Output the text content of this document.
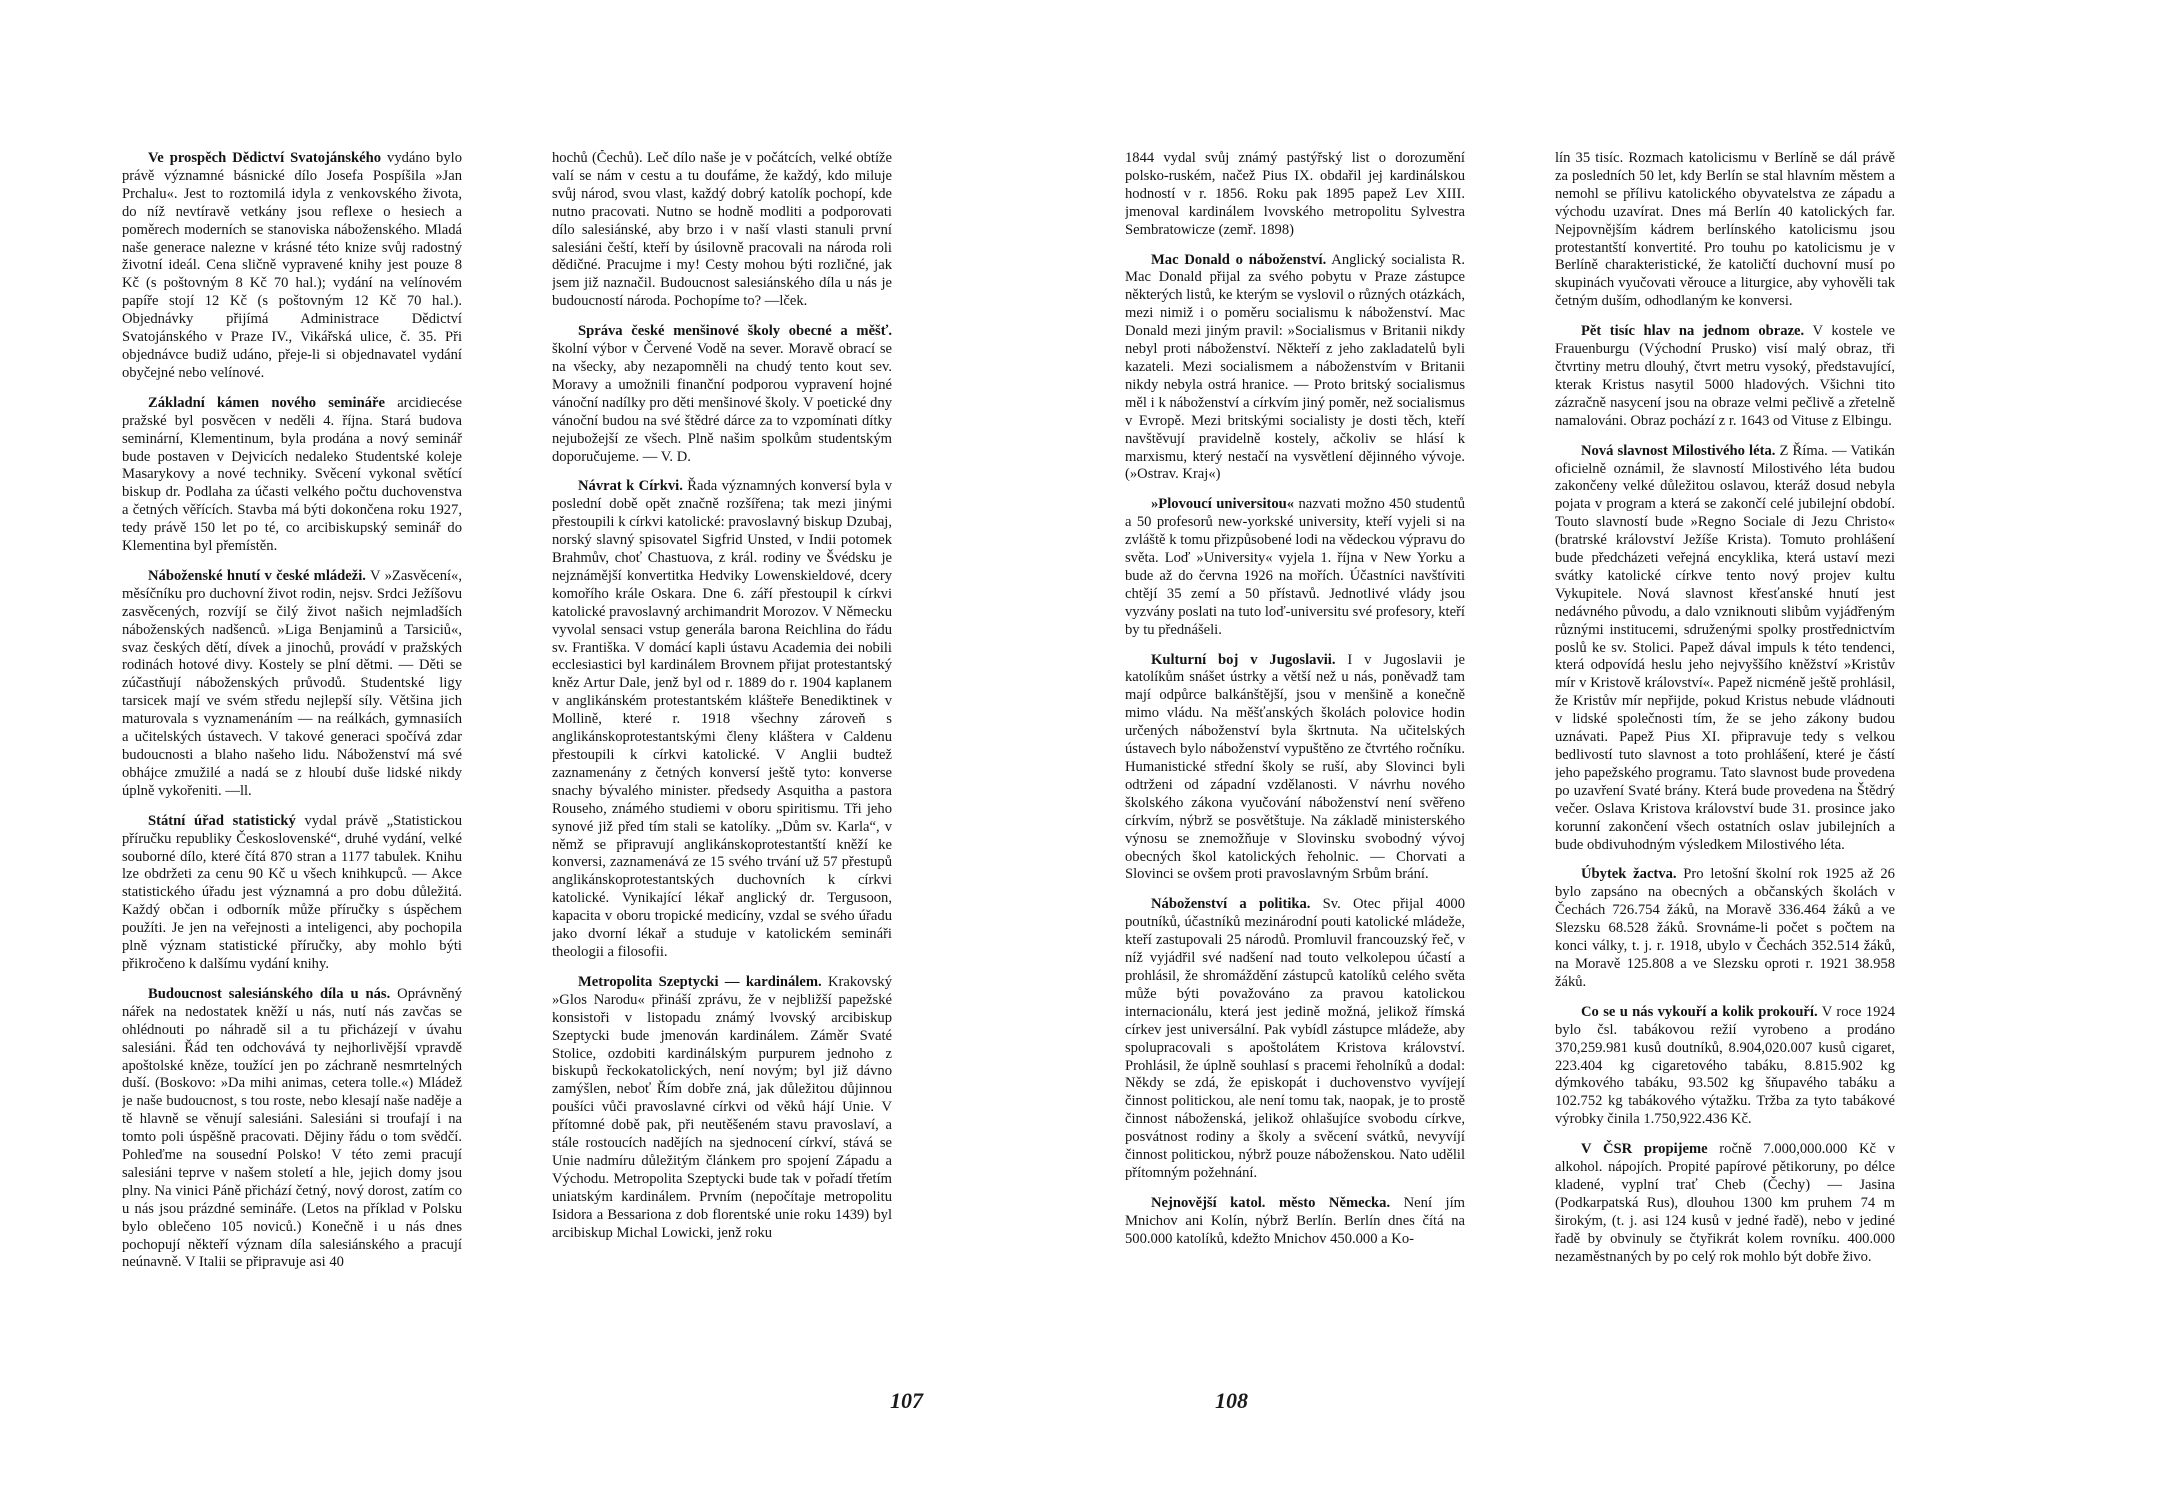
Ve prospěch Dědictví Svatojánského vydáno bylo právě významné básnické dílo Josefa Pospíšila »Jan Prchalu«. Jest to roztomilá idyla z venkovského života, do níž nevtíravě vetkány jsou reflexe o hesiech a poměrech moderních se stanoviska náboženského. Mladá naše generace nalezne v krásné této knize svůj radostný životní ideál. Cena sličně vypravené knihy jest pouze 8 Kč (s poštovným 8 Kč 70 hal.); vydání na velínovém papíře stojí 12 Kč (s poštovným 12 Kč 70 hal.). Objednávky přijímá Administrace Dědictví Svatojánského v Praze IV., Vikářská ulice, č. 35. Při objednávce budiž udáno, přeje-li si objednavatel vydání obyčejné nebo velínové.

Základní kámen nového semináře arcidiecése pražské byl posvěcen v neděli 4. října. Stará budova seminární, Klementinum, byla prodána a nový seminář bude postaven v Dejvicích nedaleko Studentské koleje Masarykovy a nové techniky. Svěcení vykonal světící biskup dr. Podlaha za účasti velkého počtu duchovenstva a četných věřících. Stavba má býti dokončena roku 1927, tedy právě 150 let po té, co arcibiskupský seminář do Klementina byl přemístěn.

Náboženské hnutí v české mládeži. V »Zasvěcení«, měsíčníku pro duchovní život rodin, nejsv. Srdci Ježíšovu zasvěcených, rozvíjí se čilý život našich nejmladších náboženských nadšenců. »Liga Benjaminů a Tarsiciů«, svaz českých dětí, dívek a jinochů, provádí v pražských rodinách hotové divy. Kostely se plní dětmi. — Děti se zúčastňují náboženských průvodů. Studentské ligy tarsicek mají ve svém středu nejlepší síly. Většina jich maturovala s vyznamenáním — na reálkách, gymnasiích a učitelských ústavech. V takové generaci spočívá zdar budoucnosti a blaho našeho lidu. Náboženství má své obhájce zmužilé a nadá se z hloubí duše lidské nikdy úplně vykořeniti. —ll.

Státní úřad statistický vydal právě „Statistickou příručku republiky Československé“, druhé vydání, velké souborné dílo, které čítá 870 stran a 1177 tabulek. Knihu lze obdržeti za cenu 90 Kč u všech knihkupců. — Akce statistického úřadu jest významná a pro dobu důležitá. Každý občan i odborník může příručky s úspěchem použíti. Je jen na veřejnosti a inteligenci, aby pochopila plně význam statistické příručky, aby mohlo býti přikročeno k dalšímu vydání knihy.

Budoucnost salesiánského díla u nás. Oprávněný nářek na nedostatek kněží u nás, nutí nás zavčas se ohlédnouti po náhradě sil a tu přicházejí v úvahu salesiáni. Řád ten odchovává ty nejhorlivější vpravdě apoštolské kněze, toužící jen po záchraně nesmrtelných duší. (Boskovo: »Da mihi animas, cetera tolle.«) Mládež je naše budoucnost, s tou roste, nebo klesají naše naděje a tě hlavně se věnují salesiáni. Salesiáni si troufají i na tomto poli úspěšně pracovati. Dějiny řádu o tom svědčí. Pohleďme na sousední Polsko! V této zemi pracují salesiáni teprve v našem století a hle, jejich domy jsou plny. Na vinici Páně přichází četný, nový dorost, zatím co u nás jsou prázdné semináře. (Letos na příklad v Polsku bylo oblečeno 105 noviců.) Konečně i u nás dnes pochopují někteří význam díla salesiánského a pracují neúnavně. V Italii se připravuje asi 40

hochů (Čechů). Leč dílo naše je v počátcích, velké obtíže valí se nám v cestu a tu doufáme, že každý, kdo miluje svůj národ, svou vlast, každý dobrý katolík pochopí, kde nutno pracovati. Nutno se hodně modliti a podporovati dílo salesiánské, aby brzo i v naší vlasti stanuli první salesiáni čeští, kteří by úsilovně pracovali na národa roli dědičné. Pracujme i my! Cesty mohou býti rozličné, jak jsem již naznačil. Budoucnost salesiánského díla u nás je budoucností národa. Pochopíme to? —lček.

Správa české menšinové školy obecné a měšť. školní výbor v Červené Vodě na sever. Moravě obrací se na všecky, aby nezapomněli na chudý tento kout sev. Moravy a umožnili finanční podporou vypravení hojné vánoční nadílky pro děti menšinové školy. V poetické dny vánoční budou na své štědré dárce za to vzpomínati dítky nejubožejší ze všech. Plně našim spolkům studentským doporučujeme. — V. D.

Návrat k Církvi. Řada významných konversí byla v poslední době opět značně rozšířena; tak mezi jinými přestoupili k církvi katolické: pravoslavný biskup Dzubaj, norský slavný spisovatel Sigfrid Unsted, v Indii potomek Brahmův, choť Chastuova, z král. rodiny ve Švédsku je nejznámější konvertitka Hedviky Lowenskieldové, dcery komořího krále Oskara. Dne 6. září přestoupil k církvi katolické pravoslavný archimandrit Morozov. V Německu vyvolal sensaci vstup generála barona Reichlina do řádu sv. Františka. V domácí kapli ústavu Academia dei nobili ecclesiastici byl kardinálem Brovnem přijat protestantský kněz Artur Dale, jenž byl od r. 1889 do r. 1904 kaplanem v anglikánském protestantském klášteře Benediktinek v Mollině, které r. 1918 všechny zároveň s anglikánskoprotestantskými členy kláštera v Caldenu přestoupili k církvi katolické. V Anglii budtež zaznamenány z četných konversí ještě tyto: konverse snachy bývalého minister. předsedy Asquitha a pastora Rouseho, známého studiemi v oboru spiritismu. Tři jeho synové již před tím stali se katolíky. „Dům sv. Karla“, v němž se připravují anglikánskoprotestantští kněží ke konversi, zaznamenává ze 15 svého trvání už 57 přestupů anglikánskoprotestantských duchovních k církvi katolické. Vynikající lékař anglický dr. Tergusoon, kapacita v oboru tropické medicíny, vzdal se svého úřadu jako dvorní lékař a studuje v katolickém semináři theologii a filosofii.

Metropolita Szeptycki — kardinálem. Krakovský »Glos Narodu« přináší zprávu, že v nejbližší papežské konsistoři v listopadu známý lvovský arcibiskup Szeptycki bude jmenován kardinálem. Záměr Svaté Stolice, ozdobiti kardinálským purpurem jednoho z biskupů řeckokatolických, není novým; byl již dávno zamýšlen, neboť Řím dobře zná, jak důležitou důjinnou poušíci vůči pravoslavné církvi od věků hájí Unie. V přítomné době pak, při neutěšeném stavu pravoslaví, a stále rostoucích nadějích na sjednocení církví, stává se Unie nadmíru důležitým článkem pro spojení Západu a Východu. Metropolita Szeptycki bude tak v pořadí třetím uniatským kardinálem. Prvním (nepočítaje metropolitu Isidora a Bessariona z dob florentské unie roku 1439) byl arcibiskup Michal Lowicki, jenž roku

107

1844 vydal svůj známý pastýřský list o dorozumění polsko-ruském, načež Pius IX. obdařil jej kardinálskou hodností v r. 1856. Roku pak 1895 papež Lev XIII. jmenoval kardinálem lvovského metropolitu Sylvestra Sembratowicze (zemř. 1898)

Mac Donald o náboženství. Anglický socialista R. Mac Donald přijal za svého pobytu v Praze zástupce některých listů, ke kterým se vyslovil o různých otázkách, mezi nimiž i o poměru socialismu k náboženství. Mac Donald mezi jiným pravil: »Socialismus v Britanii nikdy nebyl proti náboženství. Někteří z jeho zakladatelů byli kazateli. Mezi socialismem a náboženstvím v Britanii nikdy nebyla ostrá hranice. — Proto britský socialismus měl i k náboženství a církvím jiný poměr, než socialismus v Evropě. Mezi britskými socialisty je dosti těch, kteří navštěvují pravidelně kostely, ačkoliv se hlásí k marxismu, který nestačí na vysvětlení dějinného vývoje. (»Ostrav. Kraj«)

»Plovoucí universitou« nazvati možno 450 studentů a 50 profesorů new-yorkské university, kteří vyjeli si na zvláště k tomu přizpůsobené lodi na vědeckou výpravu do světa. Loď »University« vyjela 1. října v New Yorku a bude až do června 1926 na mořích. Účastníci navštíviti chtějí 35 zemí a 50 přístavů. Jednotlivé vlády jsou vyzvány poslati na tuto loď-universitu své profesory, kteří by tu přednášeli.

Kulturní boj v Jugoslavii. I v Jugoslavii je katolíkům snášet ústrky a větší než u nás, poněvadž tam mají odpůrce balkánštější, jsou v menšině a konečně mimo vládu. Na měšťanských školách polovice hodin určených náboženství byla škrtnuta. Na učitelských ústavech bylo náboženství vypuštěno ze čtvrtého ročníku. Humanistické střední školy se ruší, aby Slovinci byli odtrženi od západní vzdělanosti. V návrhu nového školského zákona vyučování náboženství není svěřeno církvím, nýbrž se posvětštuje. Na základě ministerského výnosu se znemožňuje v Slovinsku svobodný vývoj obecných škol katolických řeholnic. — Chorvati a Slovinci se ovšem proti pravoslavným Srbům brání.

Náboženství a politika. Sv. Otec přijal 4000 poutníků, účastníků mezinárodní pouti katolické mládeže, kteří zastupovali 25 národů. Promluvil francouzský řeč, v níž vyjádřil své nadšení nad touto velkolepou účastí a prohlásil, že shromáždění zástupců katolíků celého světa může býti považováno za pravou katolickou internacionálu, která jest jedině možná, jelikož římská církev jest universální. Pak vybídl zástupce mládeže, aby spolupracovali s apoštolátem Kristova království. Prohlásil, že úplně souhlasí s pracemi řeholníků a dodal: Někdy se zdá, že episkopát i duchovenstvo vyvíjejí činnost politickou, ale není tomu tak, naopak, je to prostě činnost náboženská, jelikož ohlašujíce svobodu církve, posvátnost rodiny a školy a svěcení svátků, nevyvíjí činnost politickou, nýbrž pouze náboženskou. Nato udělil přítomným požehnání.

Nejnovější katol. město Německa. Není jím Mnichov ani Kolín, nýbrž Berlín. Berlín dnes čítá na 500.000 katolíků, kdežto Mnichov 450.000 a Ko-

lín 35 tisíc. Rozmach katolicismu v Berlíně se dál právě za posledních 50 let, kdy Berlín se stal hlavním městem a nemohl se přílivu katolického obyvatelstva ze západu a východu uzavírat. Dnes má Berlín 40 katolických far. Nejpovnějším kádrem berlínského katolicismu jsou protestantští konvertité. Pro touhu po katolicismu je v Berlíně charakteristické, že katoličtí duchovní musí po skupinách vyučovati věrouce a liturgice, aby vyhověli tak četným duším, odhodlaným ke konversi.

Pět tisíc hlav na jednom obraze. V kostele ve Frauenburgu (Východní Prusko) visí malý obraz, tři čtvrtiny metru dlouhý, čtvrt metru vysoký, představující, kterak Kristus nasytil 5000 hladových. Všichni tito zázračně nasycení jsou na obraze velmi pečlivě a zřetelně namalováni. Obraz pochází z r. 1643 od Vituse z Elbingu.

Nová slavnost Milostivého léta. Z Říma. — Vatikán oficielně oznámil, že slavností Milostivého léta budou zakončeny velké důležitou oslavou, kteráž dosud nebyla pojata v program a která se zakončí celé jubilejní období. Touto slavností bude »Regno Sociale di Jezu Christo« (bratrské království Ježíše Krista). Tomuto prohlášení bude předcházeti veřejná encyklika, která ustaví mezi svátky katolické církve tento nový projev kultu Vykupitele. Nová slavnost křesťanské hnutí jest nedávného původu, a dalo vzniknouti slibům vyjádřeným různými institucemi, sdruženými spolky prostřednictvím poslů ke sv. Stolici. Papež dával impuls k této tendenci, která odpovídá heslu jeho nejvyššího kněžství »Kristův mír v Kristově království«. Papež nicméně ještě prohlásil, že Kristův mír nepřijde, pokud Kristus nebude vládnouti v lidské společnosti tím, že se jeho zákony budou uznávati. Papež Pius XI. připravuje tedy s velkou bedlivostí tuto slavnost a toto prohlášení, které je částí jeho papežského programu. Tato slavnost bude provedena po uzavření Svaté brány. Která bude provedena na Štědrý večer. Oslava Kristova království bude 31. prosince jako korunní zakončení všech ostatních oslav jubilejních a bude obdivuhodným výsledkem Milostivého léta.

Úbytek žactva. Pro letošní školní rok 1925 až 26 bylo zapsáno na obecných a občanských školách v Čechách 726.754 žáků, na Moravě 336.464 žáků a ve Slezsku 68.528 žáků. Srovnáme-li počet s počtem na konci války, t. j. r. 1918, ubylo v Čechách 352.514 žáků, na Moravě 125.808 a ve Slezsku oproti r. 1921 38.958 žáků.

Co se u nás vykouří a kolik prokouří. V roce 1924 bylo čsl. tabákovou režií vyrobeno a prodáno 370,259.981 kusů doutníků, 8.904,020.007 kusů cigaret, 223.404 kg cigaretového tabáku, 8.815.902 kg dýmkového tabáku, 93.502 kg šňupavého tabáku a 102.752 kg tabákového výtažku. Tržba za tyto tabákové výrobky činila 1.750,922.436 Kč.

V ČSR propijeme ročně 7.000,000.000 Kč v alkohol. nápojích. Propité papírové pětikoruny, po délce kladené, vyplní trať Cheb (Čechy) — Jasina (Podkarpatská Rus), dlouhou 1300 km pruhem 74 m širokým, (t. j. asi 124 kusů v jedné řadě), nebo v jediné řadě by obvinuly se čtyřikrát kolem rovníku. 400.000 nezaměstnaných by po celý rok mohlo být dobře živo.

108
